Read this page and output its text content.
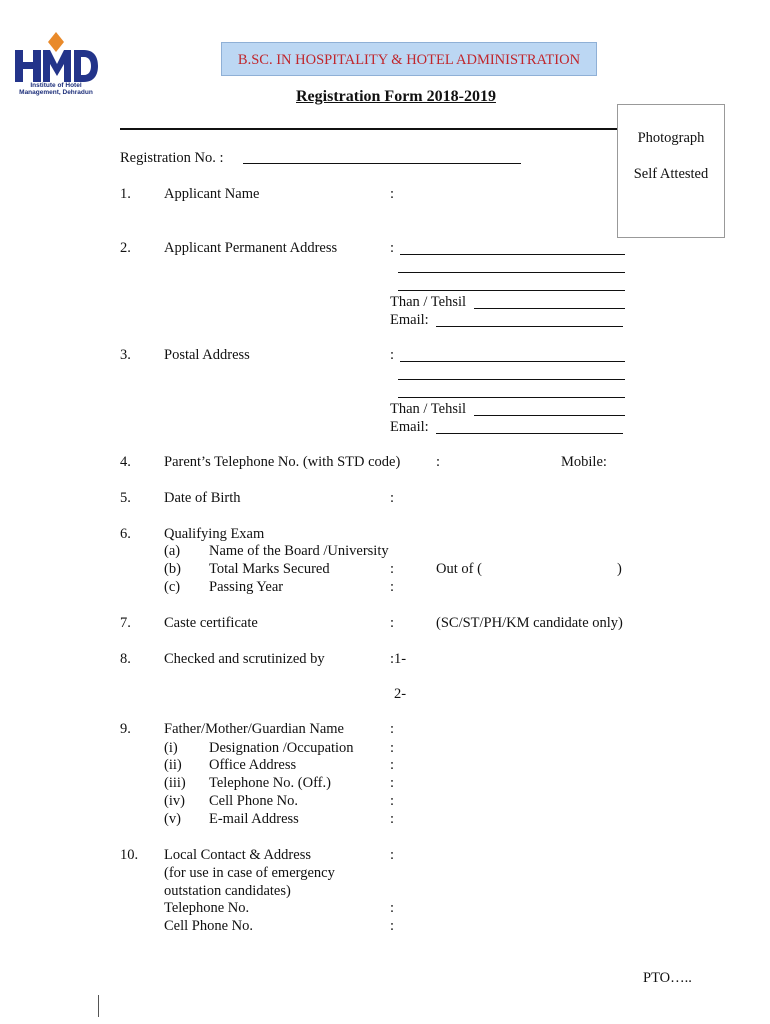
Institute of Hotel Management, Dehradun
B.SC. IN HOSPITALITY & HOTEL ADMINISTRATION
Registration Form 2018-2019
Photograph
Self Attested
Registration No. :
1. Applicant Name	:
2. Applicant Permanent Address	:
Than / Tehsil
Email:
3. Postal Address	:
Than / Tehsil
Email:
4. Parent’s Telephone No. (with STD code) :	Mobile:
5. Date of Birth	:
6. Qualifying Exam
(a) Name of the Board /University
(b) Total Marks Secured	:	Out of (	)
(c) Passing Year	:
7. Caste certificate	:	(SC/ST/PH/KM candidate only)
8. Checked and scrutinized by	:1-
2-
9. Father/Mother/Guardian Name	:
(i) Designation /Occupation	:
(ii) Office Address	:
(iii) Telephone No. (Off.)	:
(iv) Cell Phone No.	:
(v) E-mail Address	:
10. Local Contact & Address	:
(for use in case of emergency
outstation candidates)
Telephone No.	:
Cell Phone No.	:
PTO…..
